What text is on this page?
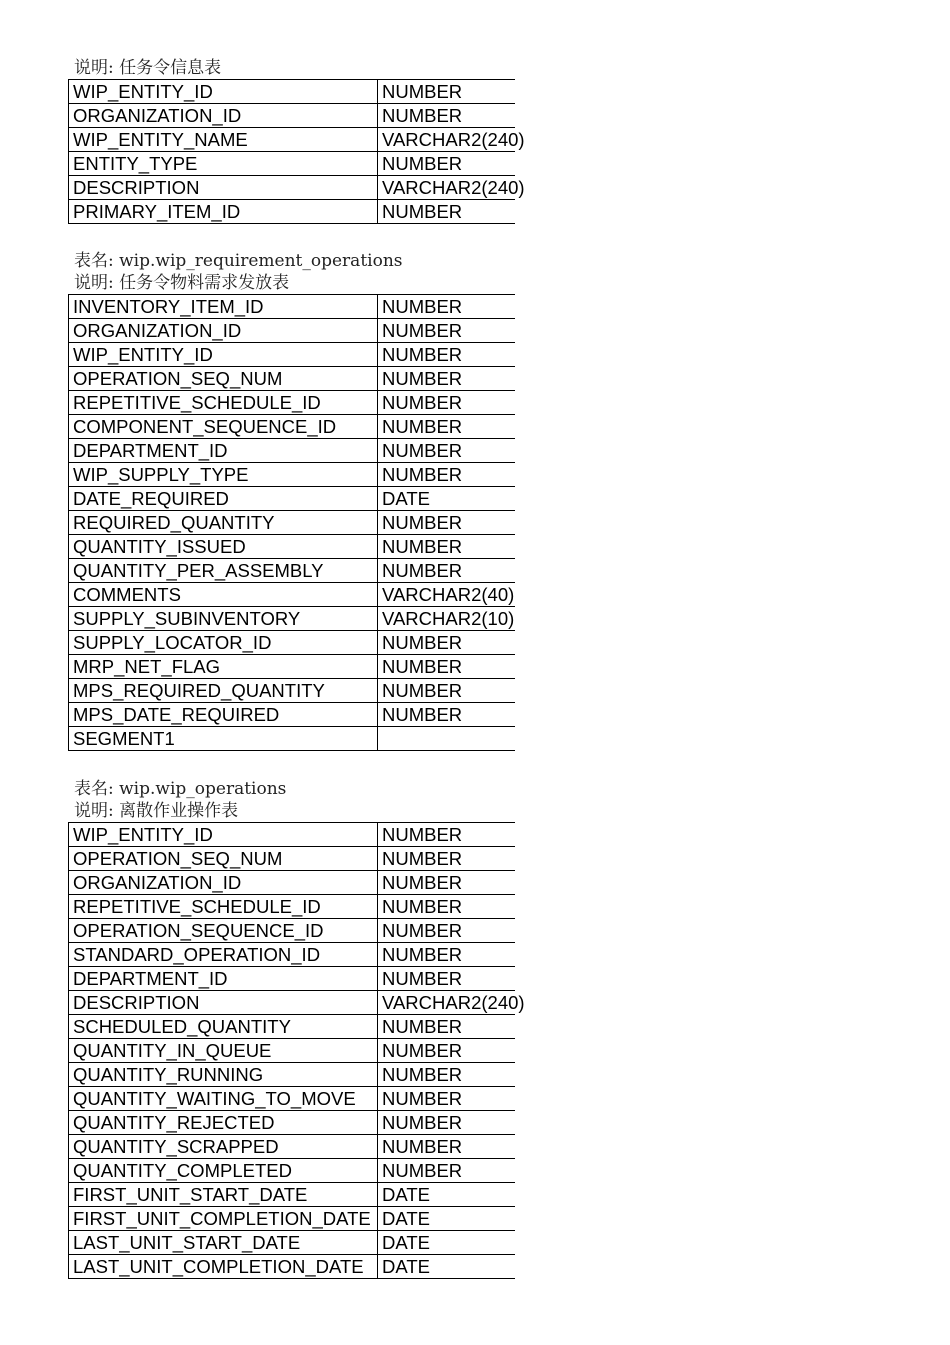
说明: 任务令信息表
WIP_ENTITY_ID	NUMBER
ORGANIZATION_ID	NUMBER
WIP_ENTITY_NAME	VARCHAR2(240)
ENTITY_TYPE	NUMBER
DESCRIPTION	VARCHAR2(240)
PRIMARY_ITEM_ID	NUMBER
表名: wip.wip_requirement_operations
说明: 任务令物料需求发放表
INVENTORY_ITEM_ID	NUMBER
ORGANIZATION_ID	NUMBER
WIP_ENTITY_ID	NUMBER
OPERATION_SEQ_NUM	NUMBER
REPETITIVE_SCHEDULE_ID	NUMBER
COMPONENT_SEQUENCE_ID	NUMBER
DEPARTMENT_ID	NUMBER
WIP_SUPPLY_TYPE	NUMBER
DATE_REQUIRED	DATE
REQUIRED_QUANTITY	NUMBER
QUANTITY_ISSUED	NUMBER
QUANTITY_PER_ASSEMBLY	NUMBER
COMMENTS	VARCHAR2(40)
SUPPLY_SUBINVENTORY	VARCHAR2(10)
SUPPLY_LOCATOR_ID	NUMBER
MRP_NET_FLAG	NUMBER
MPS_REQUIRED_QUANTITY	NUMBER
MPS_DATE_REQUIRED	NUMBER
SEGMENT1	
表名: wip.wip_operations
说明: 离散作业操作表
WIP_ENTITY_ID	NUMBER
OPERATION_SEQ_NUM	NUMBER
ORGANIZATION_ID	NUMBER
REPETITIVE_SCHEDULE_ID	NUMBER
OPERATION_SEQUENCE_ID	NUMBER
STANDARD_OPERATION_ID	NUMBER
DEPARTMENT_ID	NUMBER
DESCRIPTION	VARCHAR2(240)
SCHEDULED_QUANTITY	NUMBER
QUANTITY_IN_QUEUE	NUMBER
QUANTITY_RUNNING	NUMBER
QUANTITY_WAITING_TO_MOVE	NUMBER
QUANTITY_REJECTED	NUMBER
QUANTITY_SCRAPPED	NUMBER
QUANTITY_COMPLETED	NUMBER
FIRST_UNIT_START_DATE	DATE
FIRST_UNIT_COMPLETION_DATE	DATE
LAST_UNIT_START_DATE	DATE
LAST_UNIT_COMPLETION_DATE	DATE
